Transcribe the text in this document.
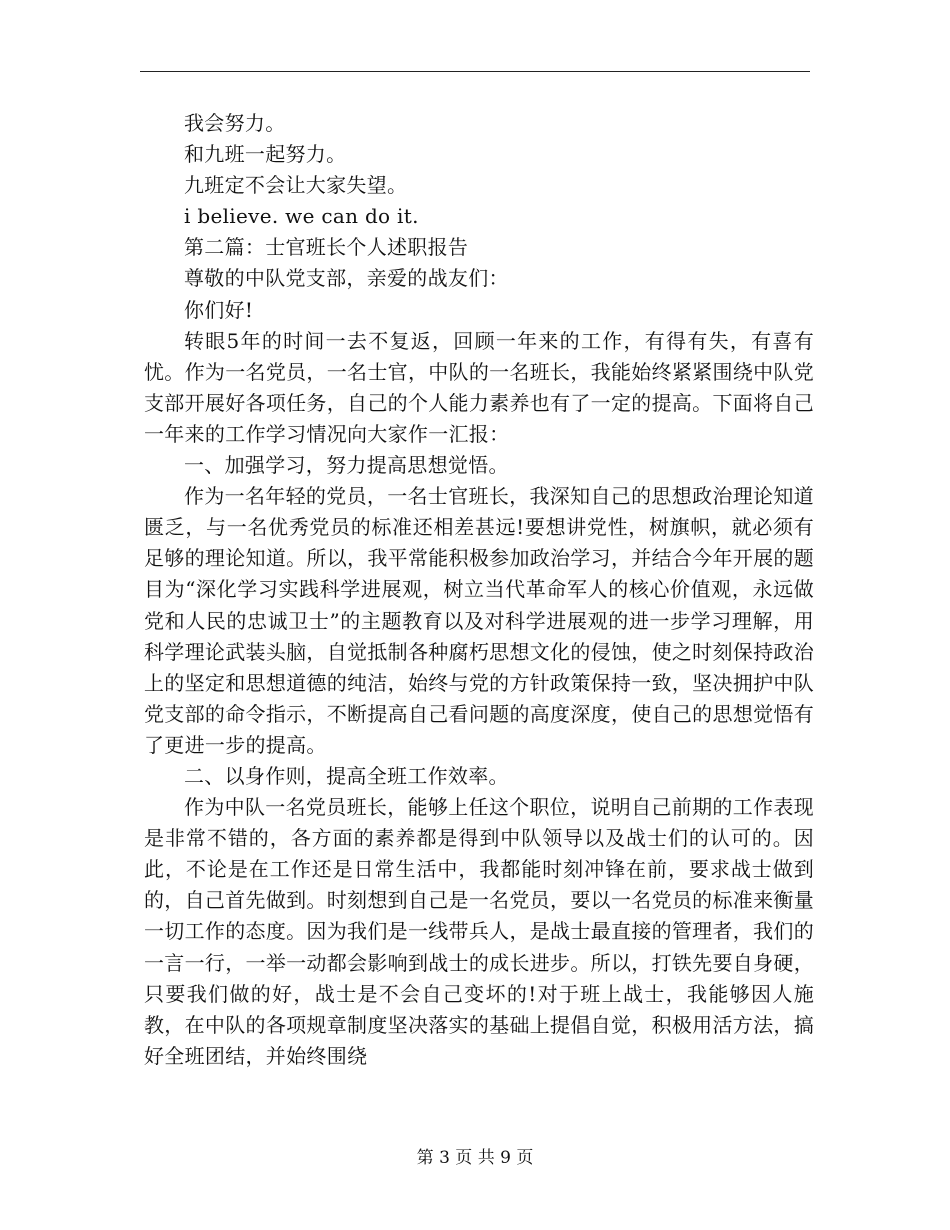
我会努力。

和九班一起努力。

九班定不会让大家失望。

i believe. we can do it.

第二篇：士官班长个人述职报告

尊敬的中队党支部，亲爱的战友们：

你们好!

转眼5年的时间一去不复返，回顾一年来的工作，有得有失，有喜有忧。作为一名党员，一名士官，中队的一名班长，我能始终紧紧围绕中队党支部开展好各项任务，自己的个人能力素养也有了一定的提高。下面将自己一年来的工作学习情况向大家作一汇报：

一、加强学习，努力提高思想觉悟。

作为一名年轻的党员，一名士官班长，我深知自己的思想政治理论知道匮乏，与一名优秀党员的标准还相差甚远!要想讲党性，树旗帜，就必须有足够的理论知道。所以，我平常能积极参加政治学习，并结合今年开展的题目为“深化学习实践科学进展观，树立当代革命军人的核心价值观，永远做党和人民的忠诚卫士”的主题教育以及对科学进展观的进一步学习理解，用科学理论武装头脑，自觉抵制各种腐朽思想文化的侵蚀，使之时刻保持政治上的坚定和思想道德的纯洁，始终与党的方针政策保持一致，坚决拥护中队党支部的命令指示，不断提高自己看问题的高度深度，使自己的思想觉悟有了更进一步的提高。

二、以身作则，提高全班工作效率。

作为中队一名党员班长，能够上任这个职位，说明自己前期的工作表现是非常不错的，各方面的素养都是得到中队领导以及战士们的认可的。因此，不论是在工作还是日常生活中，我都能时刻冲锋在前，要求战士做到的，自己首先做到。时刻想到自己是一名党员，要以一名党员的标准来衡量一切工作的态度。因为我们是一线带兵人，是战士最直接的管理者，我们的一言一行，一举一动都会影响到战士的成长进步。所以，打铁先要自身硬，只要我们做的好，战士是不会自己变坏的!对于班上战士，我能够因人施教，在中队的各项规章制度坚决落实的基础上提倡自觉，积极用活方法，搞好全班团结，并始终围绕

第 3 页 共 9 页
